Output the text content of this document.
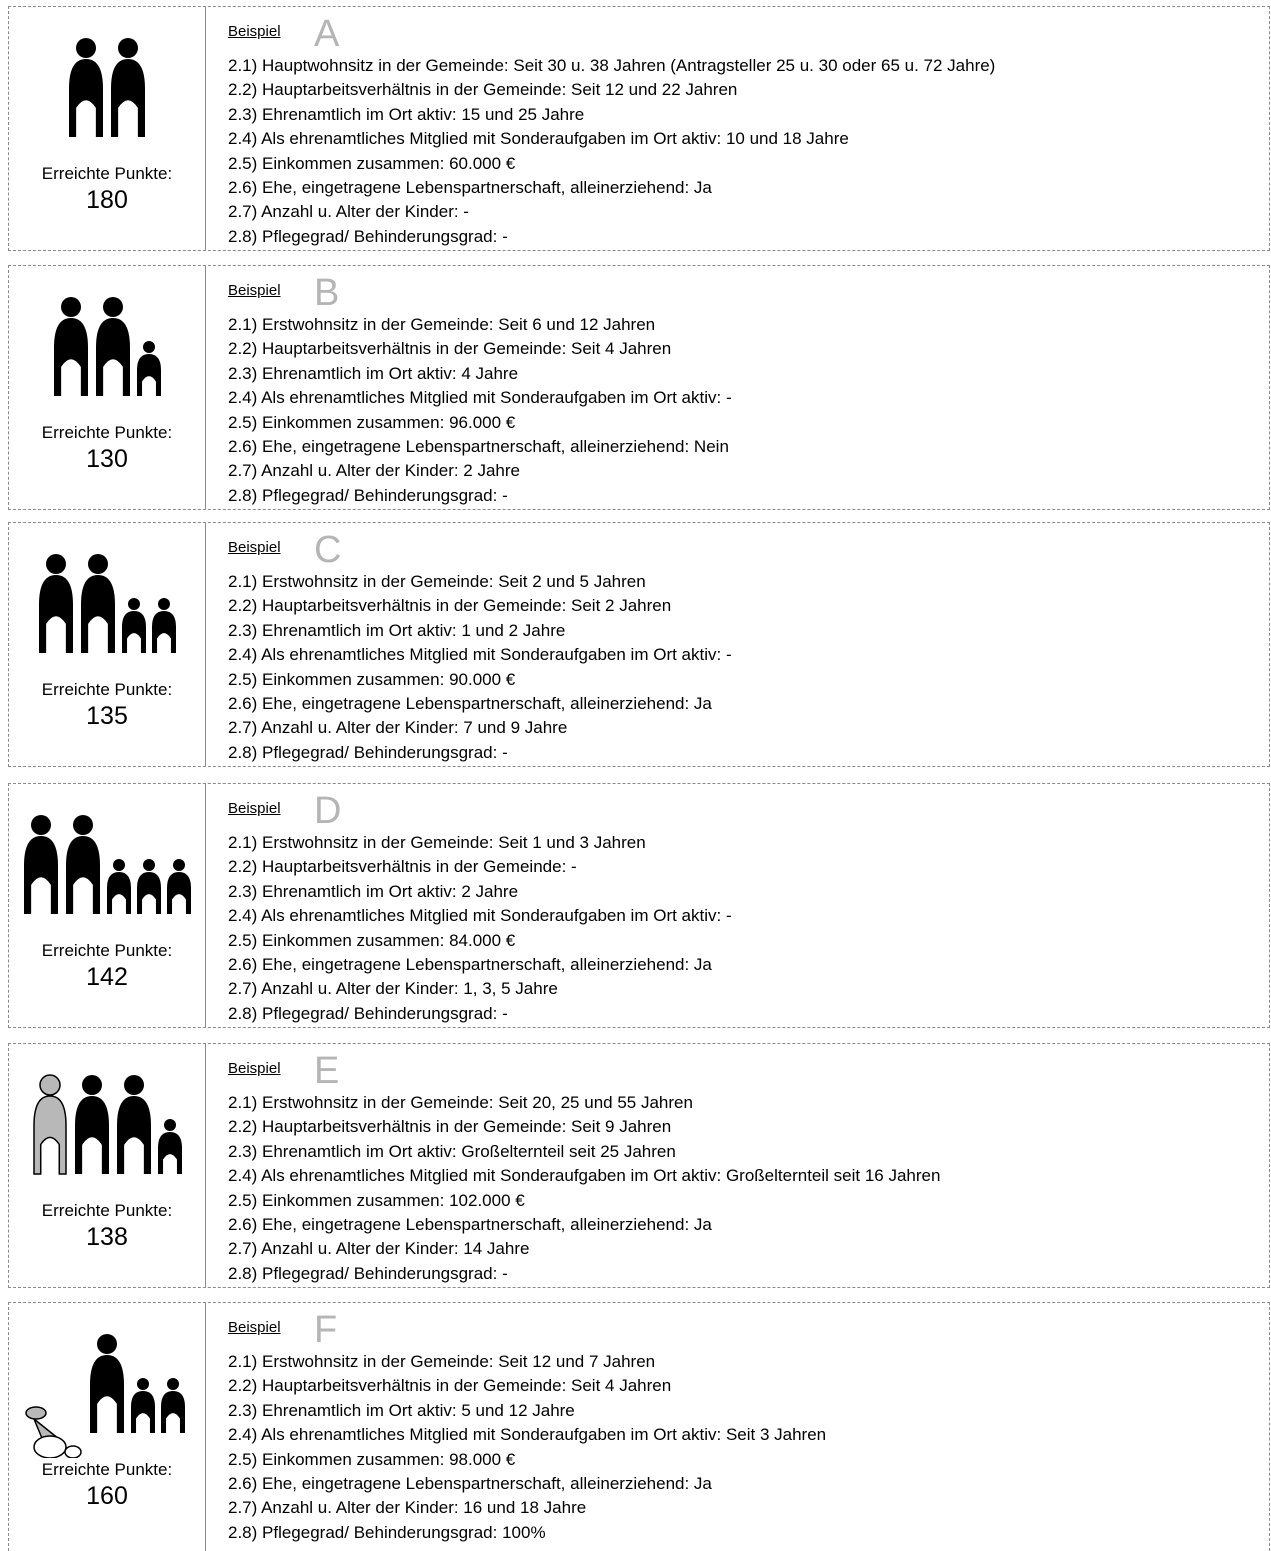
Erreichte Punkte:
180
Beispiel A
2.1) Hauptwohnsitz in der Gemeinde: Seit 30 u. 38 Jahren (Antragsteller 25 u. 30 oder 65 u. 72 Jahre)
2.2) Hauptarbeitsverhältnis in der Gemeinde: Seit 12 und 22 Jahren
2.3) Ehrenamtlich im Ort aktiv: 15 und 25 Jahre
2.4) Als ehrenamtliches Mitglied mit Sonderaufgaben im Ort aktiv: 10 und 18 Jahre
2.5) Einkommen zusammen: 60.000 €
2.6) Ehe, eingetragene Lebenspartnerschaft, alleinerziehend: Ja
2.7) Anzahl u. Alter der Kinder: -
2.8) Pflegegrad/ Behinderungsgrad: -
Erreichte Punkte:
130
Beispiel B
2.1) Erstwohnsitz in der Gemeinde: Seit 6 und 12 Jahren
2.2) Hauptarbeitsverhältnis in der Gemeinde: Seit 4 Jahren
2.3) Ehrenamtlich im Ort aktiv: 4 Jahre
2.4) Als ehrenamtliches Mitglied mit Sonderaufgaben im Ort aktiv: -
2.5) Einkommen zusammen: 96.000 €
2.6) Ehe, eingetragene Lebenspartnerschaft, alleinerziehend: Nein
2.7) Anzahl u. Alter der Kinder: 2 Jahre
2.8) Pflegegrad/ Behinderungsgrad: -
Erreichte Punkte:
135
Beispiel C
2.1) Erstwohnsitz in der Gemeinde: Seit 2 und 5 Jahren
2.2) Hauptarbeitsverhältnis in der Gemeinde: Seit 2 Jahren
2.3) Ehrenamtlich im Ort aktiv: 1 und 2 Jahre
2.4) Als ehrenamtliches Mitglied mit Sonderaufgaben im Ort aktiv: -
2.5) Einkommen zusammen: 90.000 €
2.6) Ehe, eingetragene Lebenspartnerschaft, alleinerziehend: Ja
2.7) Anzahl u. Alter der Kinder: 7 und 9 Jahre
2.8) Pflegegrad/ Behinderungsgrad: -
Erreichte Punkte:
142
Beispiel D
2.1) Erstwohnsitz in der Gemeinde: Seit 1 und 3 Jahren
2.2) Hauptarbeitsverhältnis in der Gemeinde: -
2.3) Ehrenamtlich im Ort aktiv: 2 Jahre
2.4) Als ehrenamtliches Mitglied mit Sonderaufgaben im Ort aktiv: -
2.5) Einkommen zusammen: 84.000 €
2.6) Ehe, eingetragene Lebenspartnerschaft, alleinerziehend: Ja
2.7) Anzahl u. Alter der Kinder: 1, 3, 5 Jahre
2.8) Pflegegrad/ Behinderungsgrad: -
Erreichte Punkte:
138
Beispiel E
2.1) Erstwohnsitz in der Gemeinde: Seit 20, 25 und 55 Jahren
2.2) Hauptarbeitsverhältnis in der Gemeinde: Seit 9 Jahren
2.3) Ehrenamtlich im Ort aktiv: Großelternteil seit 25 Jahren
2.4) Als ehrenamtliches Mitglied mit Sonderaufgaben im Ort aktiv: Großelternteil seit 16 Jahren
2.5) Einkommen zusammen: 102.000 €
2.6) Ehe, eingetragene Lebenspartnerschaft, alleinerziehend: Ja
2.7) Anzahl u. Alter der Kinder: 14 Jahre
2.8) Pflegegrad/ Behinderungsgrad: -
Erreichte Punkte:
160
Beispiel F
2.1) Erstwohnsitz in der Gemeinde: Seit 12 und 7 Jahren
2.2) Hauptarbeitsverhältnis in der Gemeinde: Seit 4 Jahren
2.3) Ehrenamtlich im Ort aktiv: 5 und 12 Jahre
2.4) Als ehrenamtliches Mitglied mit Sonderaufgaben im Ort aktiv: Seit 3 Jahren
2.5) Einkommen zusammen: 98.000 €
2.6) Ehe, eingetragene Lebenspartnerschaft, alleinerziehend: Ja
2.7) Anzahl u. Alter der Kinder: 16 und 18 Jahre
2.8) Pflegegrad/ Behinderungsgrad: 100%
